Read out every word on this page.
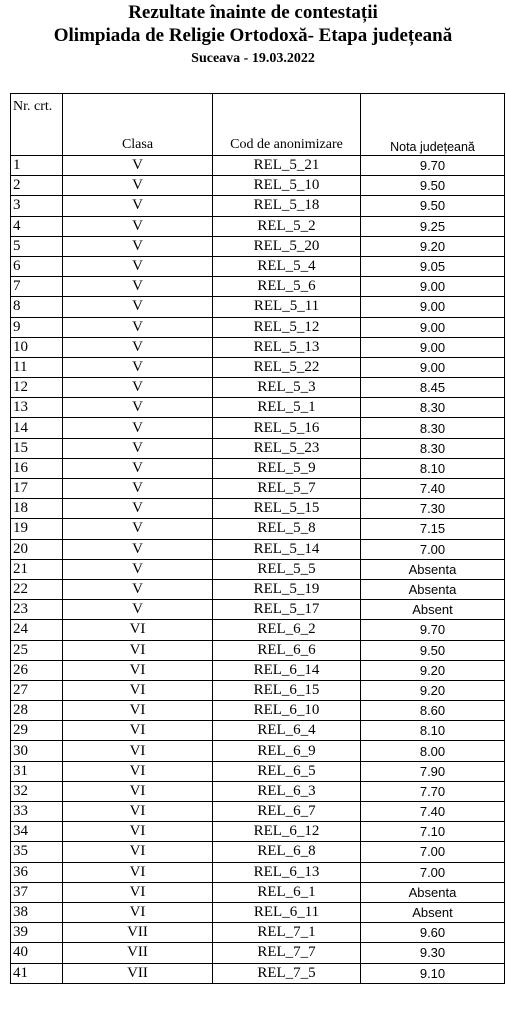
Rezultate înainte de contestații
Olimpiada de Religie Ortodoxă- Etapa județeană
Suceava - 19.03.2022
Nr. crt.	Clasa	Cod de anonimizare	Nota județeană
1	V	REL_5_21	9.70
2	V	REL_5_10	9.50
3	V	REL_5_18	9.50
4	V	REL_5_2	9.25
5	V	REL_5_20	9.20
6	V	REL_5_4	9.05
7	V	REL_5_6	9.00
8	V	REL_5_11	9.00
9	V	REL_5_12	9.00
10	V	REL_5_13	9.00
11	V	REL_5_22	9.00
12	V	REL_5_3	8.45
13	V	REL_5_1	8.30
14	V	REL_5_16	8.30
15	V	REL_5_23	8.30
16	V	REL_5_9	8.10
17	V	REL_5_7	7.40
18	V	REL_5_15	7.30
19	V	REL_5_8	7.15
20	V	REL_5_14	7.00
21	V	REL_5_5	Absenta
22	V	REL_5_19	Absenta
23	V	REL_5_17	Absent
24	VI	REL_6_2	9.70
25	VI	REL_6_6	9.50
26	VI	REL_6_14	9.20
27	VI	REL_6_15	9.20
28	VI	REL_6_10	8.60
29	VI	REL_6_4	8.10
30	VI	REL_6_9	8.00
31	VI	REL_6_5	7.90
32	VI	REL_6_3	7.70
33	VI	REL_6_7	7.40
34	VI	REL_6_12	7.10
35	VI	REL_6_8	7.00
36	VI	REL_6_13	7.00
37	VI	REL_6_1	Absenta
38	VI	REL_6_11	Absent
39	VII	REL_7_1	9.60
40	VII	REL_7_7	9.30
41	VII	REL_7_5	9.10
